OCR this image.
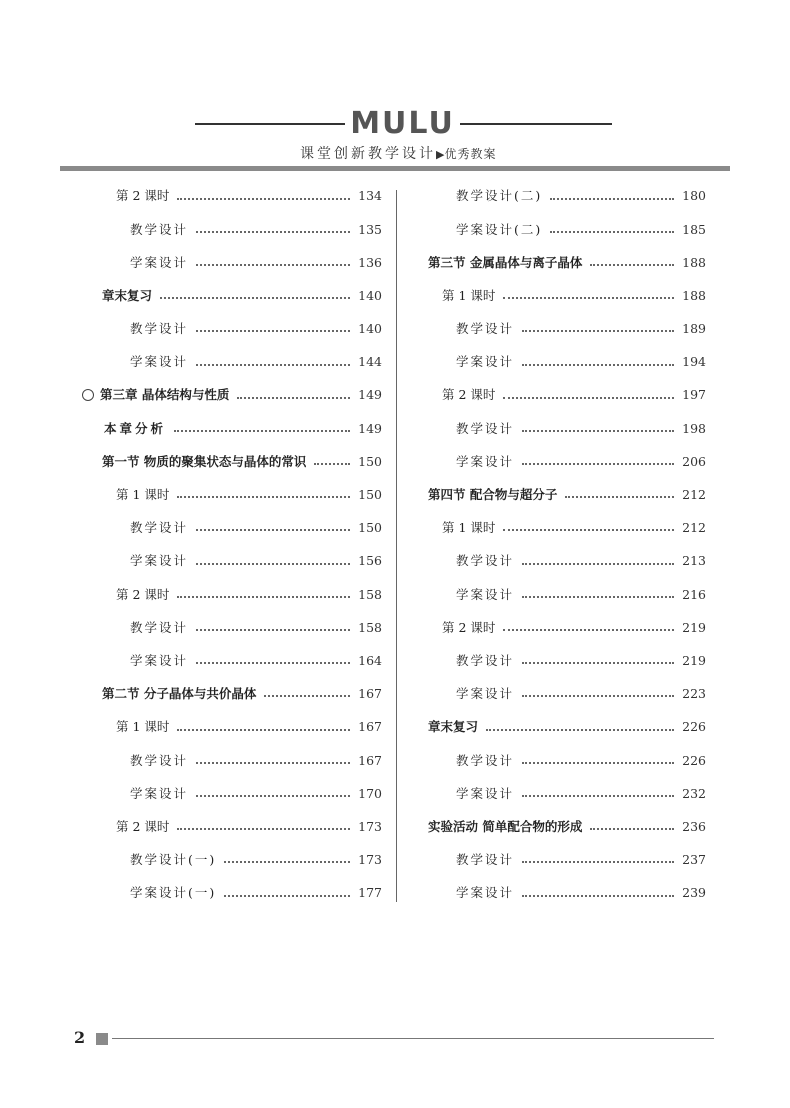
MULU
课堂创新教学设计▶优秀教案
第 2 课时	134
教学设计	135
学案设计	136
章末复习	140
教学设计	140
学案设计	144
第三章 晶体结构与性质	149
本章分析	149
第一节 物质的聚集状态与晶体的常识	150
第 1 课时	150
教学设计	150
学案设计	156
第 2 课时	158
教学设计	158
学案设计	164
第二节 分子晶体与共价晶体	167
第 1 课时	167
教学设计	167
学案设计	170
第 2 课时	173
教学设计(一)	173
学案设计(一)	177
教学设计(二)	180
学案设计(二)	185
第三节 金属晶体与离子晶体	188
第 1 课时	188
教学设计	189
学案设计	194
第 2 课时	197
教学设计	198
学案设计	206
第四节 配合物与超分子	212
第 1 课时	212
教学设计	213
学案设计	216
第 2 课时	219
教学设计	219
学案设计	223
章末复习	226
教学设计	226
学案设计	232
实验活动 简单配合物的形成	236
教学设计	237
学案设计	239
2
